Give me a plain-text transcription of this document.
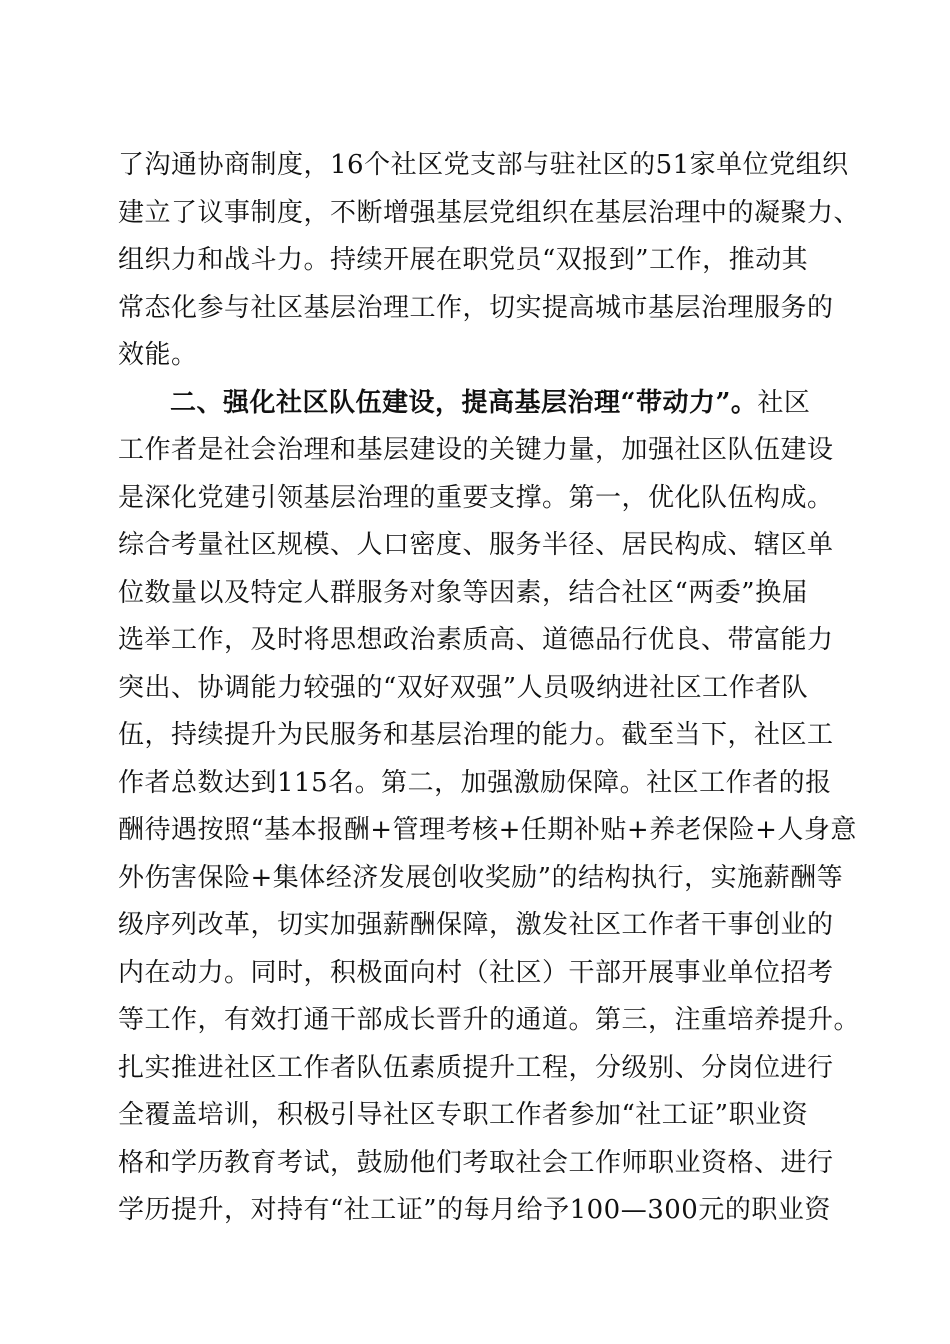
了沟通协商制度，16个社区党支部与驻社区的51家单位党组织
建立了议事制度，不断增强基层党组织在基层治理中的凝聚力、
组织力和战斗力。持续开展在职党员“双报到”工作，推动其
常态化参与社区基层治理工作，切实提高城市基层治理服务的
效能。
二、强化社区队伍建设，提高基层治理“带动力”。社区
工作者是社会治理和基层建设的关键力量，加强社区队伍建设
是深化党建引领基层治理的重要支撑。第一，优化队伍构成。
综合考量社区规模、人口密度、服务半径、居民构成、辖区单
位数量以及特定人群服务对象等因素，结合社区“两委”换届
选举工作，及时将思想政治素质高、道德品行优良、带富能力
突出、协调能力较强的“双好双强”人员吸纳进社区工作者队
伍，持续提升为民服务和基层治理的能力。截至当下，社区工
作者总数达到115名。第二，加强激励保障。社区工作者的报
酬待遇按照“基本报酬+管理考核+任期补贴+养老保险+人身意
外伤害保险+集体经济发展创收奖励”的结构执行，实施薪酬等
级序列改革，切实加强薪酬保障，激发社区工作者干事创业的
内在动力。同时，积极面向村（社区）干部开展事业单位招考
等工作，有效打通干部成长晋升的通道。第三，注重培养提升。
扎实推进社区工作者队伍素质提升工程，分级别、分岗位进行
全覆盖培训，积极引导社区专职工作者参加“社工证”职业资
格和学历教育考试，鼓励他们考取社会工作师职业资格、进行
学历提升，对持有“社工证”的每月给予100—300元的职业资
